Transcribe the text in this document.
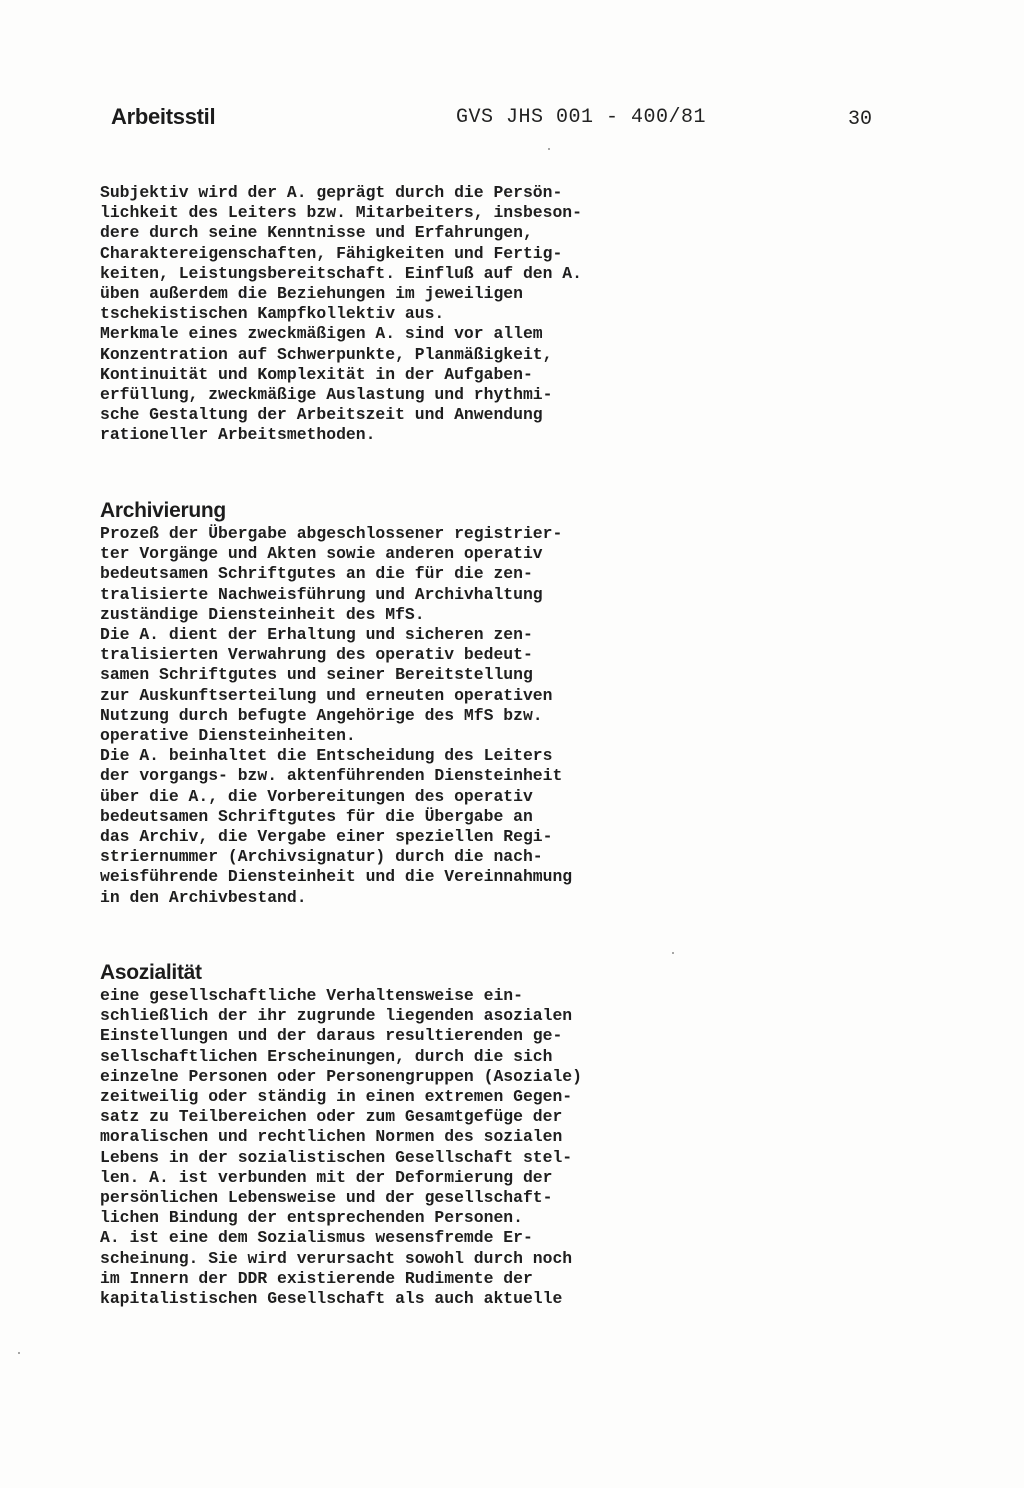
Arbeitsstil	GVS JHS 001 - 400/81	30
Subjektiv wird der A. geprägt durch die Persön-
lichkeit des Leiters bzw. Mitarbeiters, insbeson-
dere durch seine Kenntnisse und Erfahrungen,
Charaktereigenschaften, Fähigkeiten und Fertig-
keiten, Leistungsbereitschaft. Einfluß auf den A.
üben außerdem die Beziehungen im jeweiligen
tschekistischen Kampfkollektiv aus.
Merkmale eines zweckmäßigen A. sind vor allem
Konzentration auf Schwerpunkte, Planmäßigkeit,
Kontinuität und Komplexität in der Aufgaben-
erfüllung, zweckmäßige Auslastung und rhythmi-
sche Gestaltung der Arbeitszeit und Anwendung
rationeller Arbeitsmethoden.
Archivierung
Prozeß der Übergabe abgeschlossener registrier-
ter Vorgänge und Akten sowie anderen operativ
bedeutsamen Schriftgutes an die für die zen-
tralisierte Nachweisführung und Archivhaltung
zuständige Diensteinheit des MfS.
Die A. dient der Erhaltung und sicheren zen-
tralisierten Verwahrung des operativ bedeut-
samen Schriftgutes und seiner Bereitstellung
zur Auskunftserteilung und erneuten operativen
Nutzung durch befugte Angehörige des MfS bzw.
operative Diensteinheiten.
Die A. beinhaltet die Entscheidung des Leiters
der vorgangs- bzw. aktenführenden Diensteinheit
über die A., die Vorbereitungen des operativ
bedeutsamen Schriftgutes für die Übergabe an
das Archiv, die Vergabe einer speziellen Regi-
striernummer (Archivsignatur) durch die nach-
weisführende Diensteinheit und die Vereinnahmung
in den Archivbestand.
Asozialität
eine gesellschaftliche Verhaltensweise ein-
schließlich der ihr zugrunde liegenden asozialen
Einstellungen und der daraus resultierenden ge-
sellschaftlichen Erscheinungen, durch die sich
einzelne Personen oder Personengruppen (Asoziale)
zeitweilig oder ständig in einen extremen Gegen-
satz zu Teilbereichen oder zum Gesamtgefüge der
moralischen und rechtlichen Normen des sozialen
Lebens in der sozialistischen Gesellschaft stel-
len. A. ist verbunden mit der Deformierung der
persönlichen Lebensweise und der gesellschaft-
lichen Bindung der entsprechenden Personen.
A. ist eine dem Sozialismus wesensfremde Er-
scheinung. Sie wird verursacht sowohl durch noch
im Innern der DDR existierende Rudimente der
kapitalistischen Gesellschaft als auch aktuelle
